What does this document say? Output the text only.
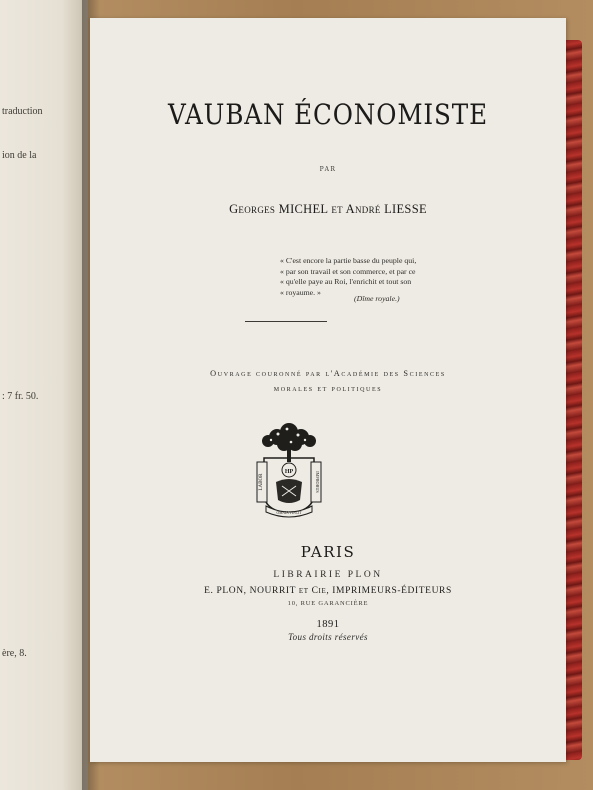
traduction
ion de la
: 7 fr. 50.
ère, 8.
VAUBAN ÉCONOMISTE
PAR
Georges MICHEL et André LIESSE
« C'est encore la partie basse du peuple qui,
« par son travail et son commerce, et par ce
« qu'elle paye au Roi, l'enrichit et tout son
« royaume. »
(Dîme royale.)
Ouvrage couronné par l'Académie des Sciences
morales et politiques
LABOR	IMPROBUS
HP
OMNIA VINCIT
PARIS
LIBRAIRIE PLON
E. PLON, NOURRIT et Cie, IMPRIMEURS-ÉDITEURS
10, RUE GARANCIÈRE
1891
Tous droits réservés
